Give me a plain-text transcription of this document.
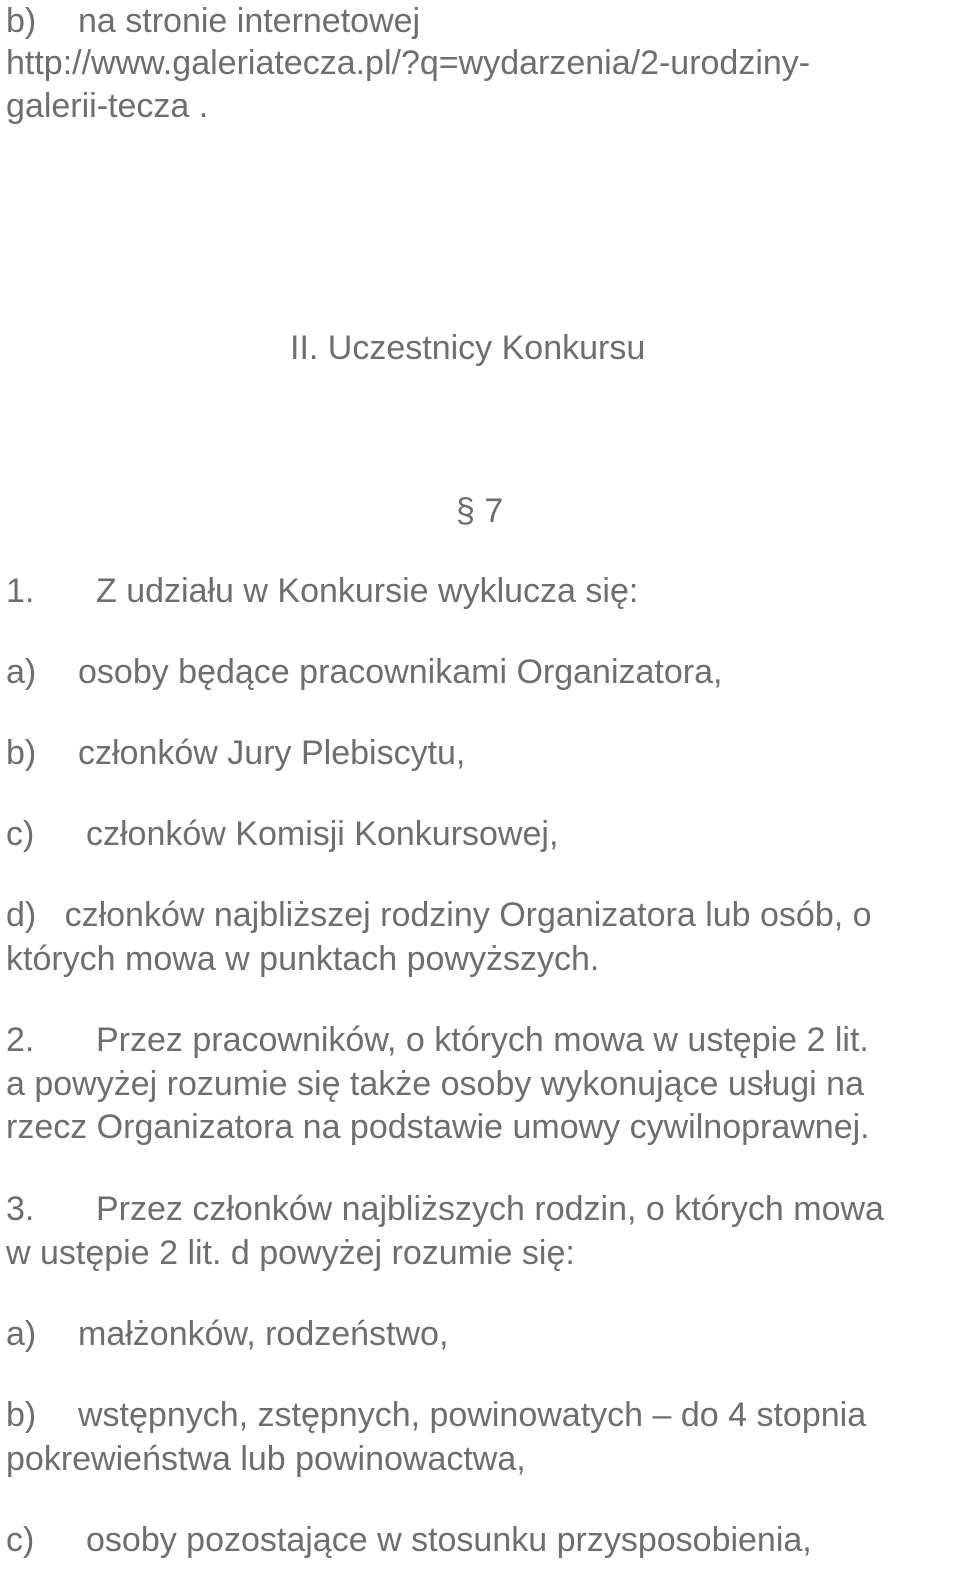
b) na stronie internetowej
http://www.galeriatecza.pl/?q=wydarzenia/2-urodziny-
galerii-tecza .
II. Uczestnicy Konkursu
§ 7
1. Z udziału w Konkursie wyklucza się:
a) osoby będące pracownikami Organizatora,
b) członków Jury Plebiscytu,
c) członków Komisji Konkursowej,
d)   członków najbliższej rodziny Organizatora lub osób, o
których mowa w punktach powyższych.
2. Przez pracowników, o których mowa w ustępie 2 lit.
a powyżej rozumie się także osoby wykonujące usługi na
rzecz Organizatora na podstawie umowy cywilnoprawnej.
3. Przez członków najbliższych rodzin, o których mowa
w ustępie 2 lit. d powyżej rozumie się:
a) małżonków, rodzeństwo,
b) wstępnych, zstępnych, powinowatych – do 4 stopnia
pokrewieństwa lub powinowactwa,
c) osoby pozostające w stosunku przysposobienia,
